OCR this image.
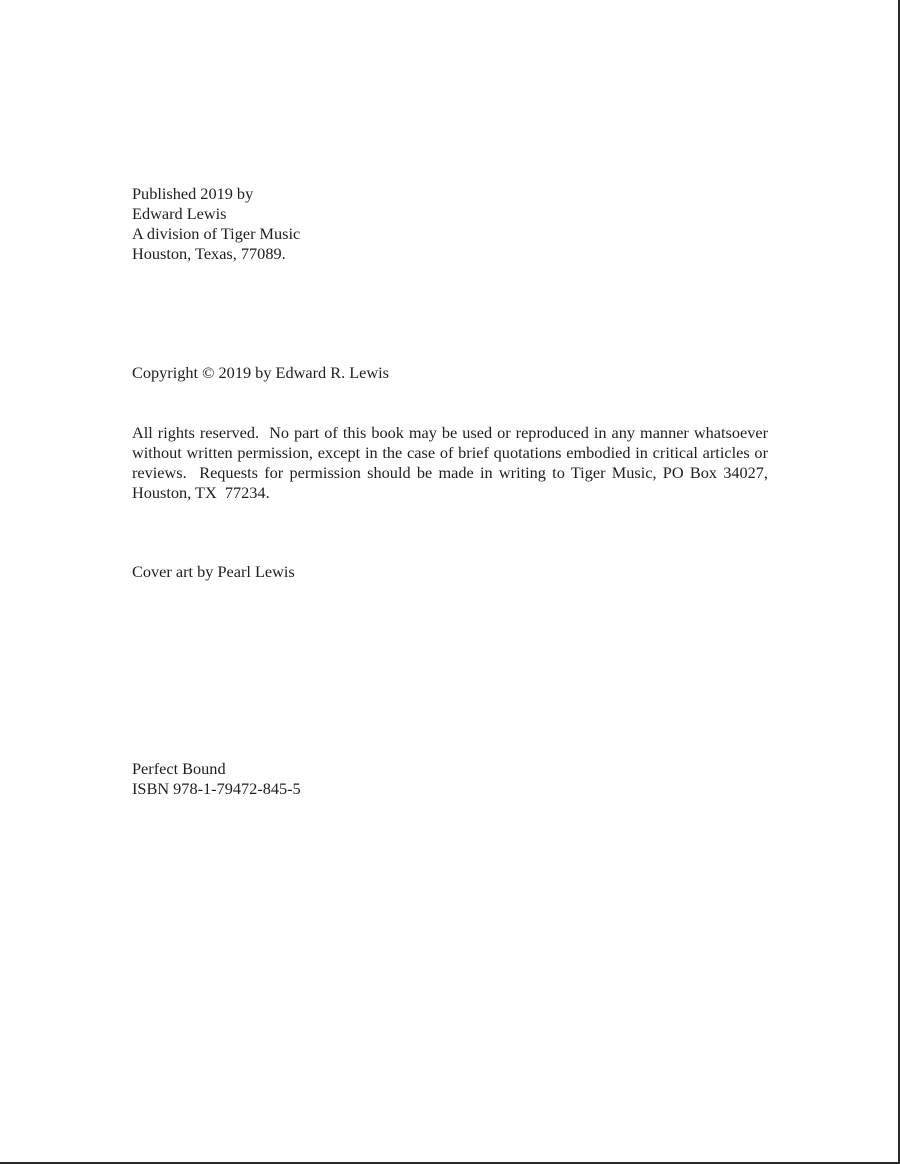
Published 2019 by
Edward Lewis
A division of Tiger Music
Houston, Texas, 77089.
Copyright © 2019 by Edward R. Lewis
All rights reserved.  No part of this book may be used or reproduced in any manner whatsoever without written permission, except in the case of brief quotations embodied in critical articles or reviews.  Requests for permission should be made in writing to Tiger Music, PO Box 34027, Houston, TX  77234.
Cover art by Pearl Lewis
Perfect Bound
ISBN 978-1-79472-845-5
